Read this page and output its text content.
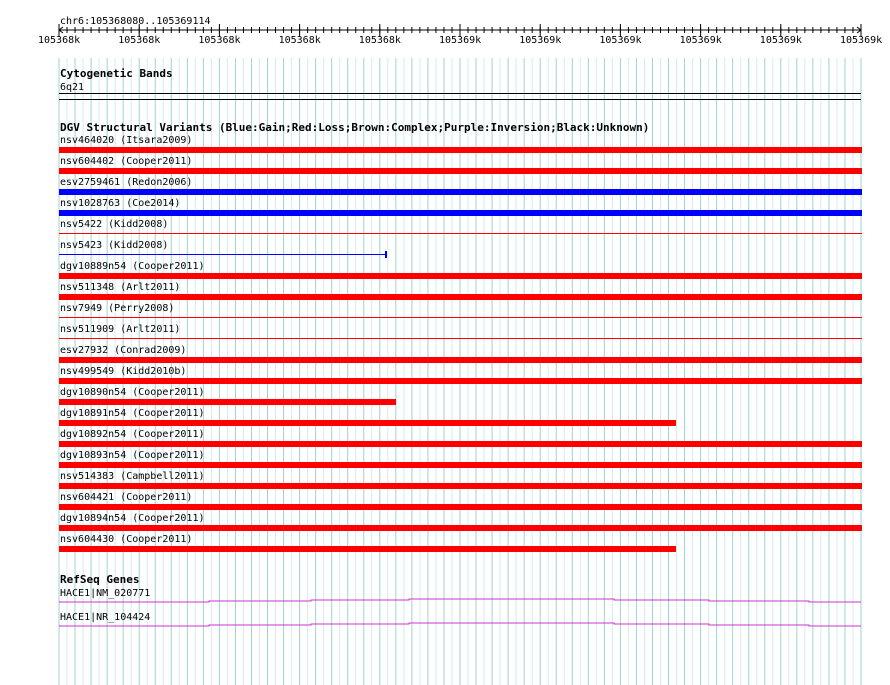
chr6:105368080..105369114
105368k	105368k	105368k	105368k	105368k	105369k	105369k	105369k	105369k	105369k	105369k
Cytogenetic Bands
6q21
DGV Structural Variants (Blue:Gain;Red:Loss;Brown:Complex;Purple:Inversion;Black:Unknown)
nsv464020 (Itsara2009)
nsv604402 (Cooper2011)
esv2759461 (Redon2006)
nsv1028763 (Coe2014)
nsv5422 (Kidd2008)
nsv5423 (Kidd2008)
dgv10889n54 (Cooper2011)
nsv511348 (Arlt2011)
nsv7949 (Perry2008)
nsv511909 (Arlt2011)
esv27932 (Conrad2009)
nsv499549 (Kidd2010b)
dgv10890n54 (Cooper2011)
dgv10891n54 (Cooper2011)
dgv10892n54 (Cooper2011)
dgv10893n54 (Cooper2011)
nsv514383 (Campbell2011)
nsv604421 (Cooper2011)
dgv10894n54 (Cooper2011)
nsv604430 (Cooper2011)
RefSeq Genes
HACE1|NM_020771
HACE1|NR_104424
